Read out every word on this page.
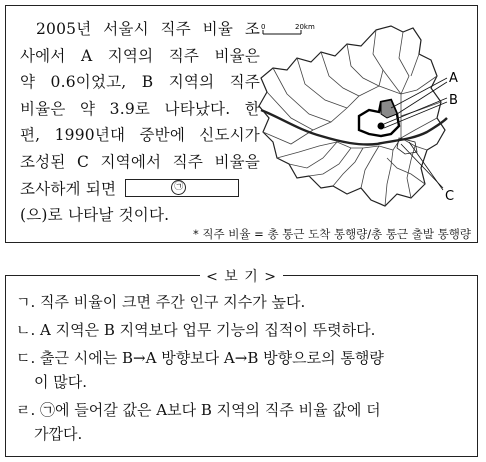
2005년 서울시 직주 비율 조
사에서 A 지역의 직주 비율은
약 0.6이었고, B 지역의 직주
비율은 약 3.9로 나타났다. 한
편, 1990년대 중반에 신도시가
조성된 C 지역에서 직주 비율을
조사하게 되면	㉠
(으)로 나타날 것이다.
0	20km
A
B
C
* 직주 비율 = 총 통근 도착 통행량/총 통근 출발 통행량
< 보 기 >
ㄱ. 직주 비율이 크면 주간 인구 지수가 높다.
ㄴ. A 지역은 B 지역보다 업무 기능의 집적이 뚜렷하다.
ㄷ. 출근 시에는 B→A 방향보다 A→B 방향으로의 통행량
이 많다.
ㄹ. ㉠에 들어갈 값은 A보다 B 지역의 직주 비율 값에 더
가깝다.
